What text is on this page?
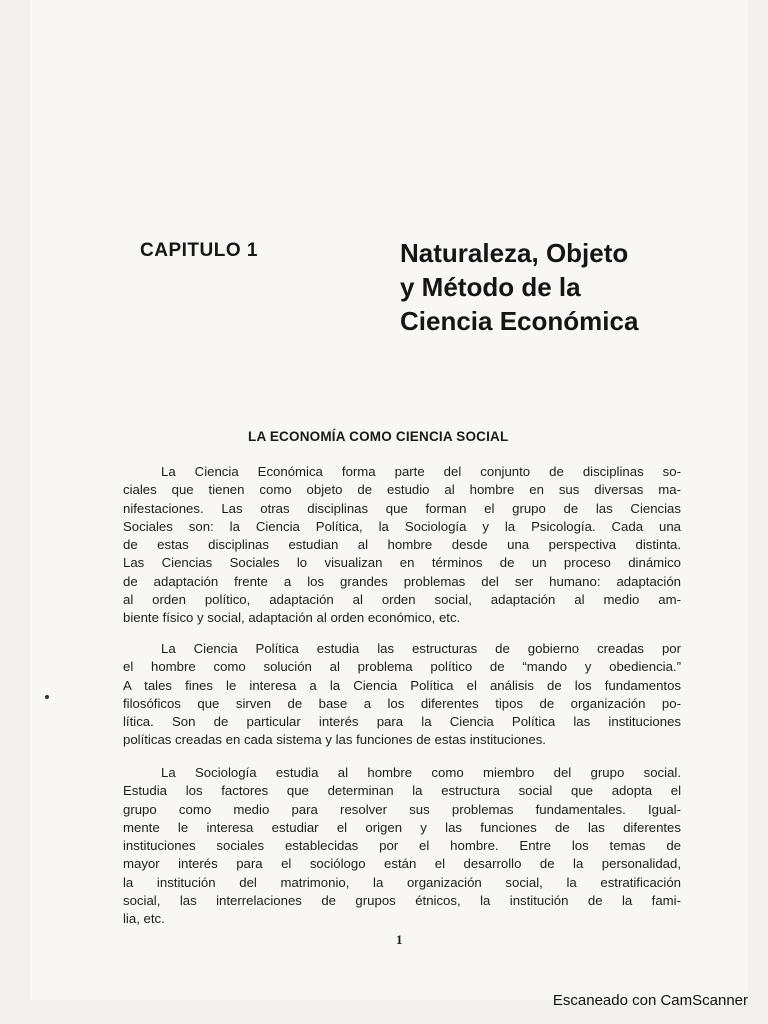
CAPITULO 1	Naturaleza, Objeto
y Método de la
Ciencia Económica
LA ECONOMÍA COMO CIENCIA SOCIAL
La Ciencia Económica forma parte del conjunto de disciplinas so-
ciales que tienen como objeto de estudio al hombre en sus diversas ma-
nifestaciones. Las otras disciplinas que forman el grupo de las Ciencias
Sociales son: la Ciencia Política, la Sociología y la Psicología. Cada una
de estas disciplinas estudian al hombre desde una perspectiva distinta.
Las Ciencias Sociales lo visualizan en términos de un proceso dinámico
de adaptación frente a los grandes problemas del ser humano: adaptación
al orden político, adaptación al orden social, adaptación al medio am-
biente físico y social, adaptación al orden económico, etc.
La Ciencia Política estudia las estructuras de gobierno creadas por
el hombre como solución al problema político de “mando y obediencia.”
A tales fines le interesa a la Ciencia Política el análisis de los fundamentos
filosóficos que sirven de base a los diferentes tipos de organización po-
lítica. Son de particular interés para la Ciencia Política las instituciones
políticas creadas en cada sistema y las funciones de estas instituciones.
La Sociología estudia al hombre como miembro del grupo social.
Estudia los factores que determinan la estructura social que adopta el
grupo como medio para resolver sus problemas fundamentales. Igual-
mente le interesa estudiar el origen y las funciones de las diferentes
instituciones sociales establecidas por el hombre. Entre los temas de
mayor interés para el sociólogo están el desarrollo de la personalidad,
la institución del matrimonio, la organización social, la estratificación
social, las interrelaciones de grupos étnicos, la institución de la fami-
lia, etc.
1
Escaneado con CamScanner
